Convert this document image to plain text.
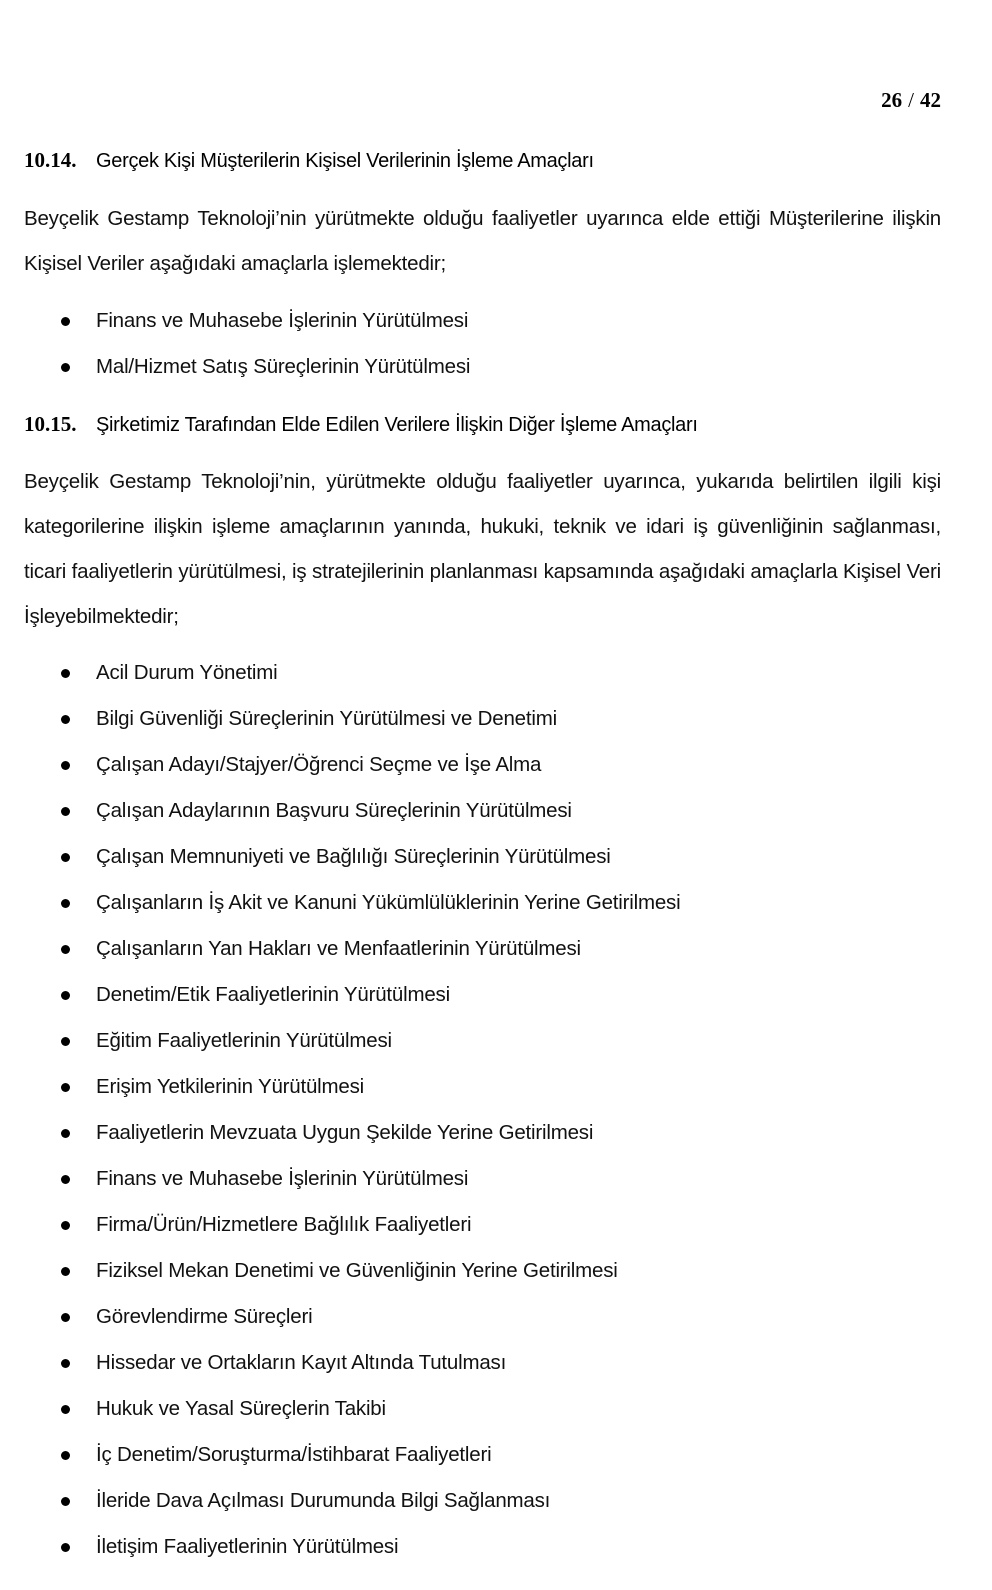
26 / 42
10.14. Gerçek Kişi Müşterilerin Kişisel Verilerinin İşleme Amaçları
Beyçelik Gestamp Teknoloji’nin yürütmekte olduğu faaliyetler uyarınca elde ettiği Müşterilerine ilişkin Kişisel Veriler aşağıdaki amaçlarla işlemektedir;
Finans ve Muhasebe İşlerinin Yürütülmesi
Mal/Hizmet Satış Süreçlerinin Yürütülmesi
10.15. Şirketimiz Tarafından Elde Edilen Verilere İlişkin Diğer İşleme Amaçları
Beyçelik Gestamp Teknoloji’nin, yürütmekte olduğu faaliyetler uyarınca, yukarıda belirtilen ilgili kişi kategorilerine ilişkin işleme amaçlarının yanında, hukuki, teknik ve idari iş güvenliğinin sağlanması, ticari faaliyetlerin yürütülmesi, iş stratejilerinin planlanması kapsamında aşağıdaki amaçlarla Kişisel Veri İşleyebilmektedir;
Acil Durum Yönetimi
Bilgi Güvenliği Süreçlerinin Yürütülmesi ve Denetimi
Çalışan Adayı/Stajyer/Öğrenci Seçme ve İşe Alma
Çalışan Adaylarının Başvuru Süreçlerinin Yürütülmesi
Çalışan Memnuniyeti ve Bağlılığı Süreçlerinin Yürütülmesi
Çalışanların İş Akit ve Kanuni Yükümlülüklerinin Yerine Getirilmesi
Çalışanların Yan Hakları ve Menfaatlerinin Yürütülmesi
Denetim/Etik Faaliyetlerinin Yürütülmesi
Eğitim Faaliyetlerinin Yürütülmesi
Erişim Yetkilerinin Yürütülmesi
Faaliyetlerin Mevzuata Uygun Şekilde Yerine Getirilmesi
Finans ve Muhasebe İşlerinin Yürütülmesi
Firma/Ürün/Hizmetlere Bağlılık Faaliyetleri
Fiziksel Mekan Denetimi ve Güvenliğinin Yerine Getirilmesi
Görevlendirme Süreçleri
Hissedar ve Ortakların Kayıt Altında Tutulması
Hukuk ve Yasal Süreçlerin Takibi
İç Denetim/Soruşturma/İstihbarat Faaliyetleri
İleride Dava Açılması Durumunda Bilgi Sağlanması
İletişim Faaliyetlerinin Yürütülmesi
